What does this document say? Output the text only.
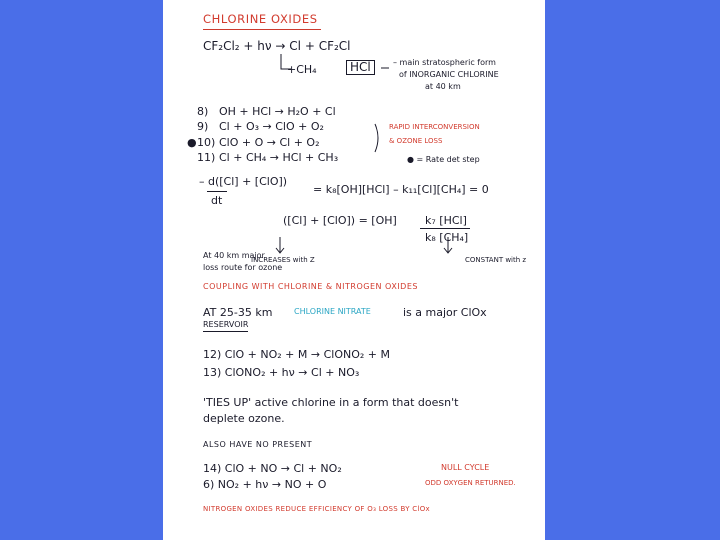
CHLORINE OXIDES
CF₂Cl₂ + hν → Cl + CF₂Cl
+CH₄	HCl	– main stratospheric form
of INORGANIC CHLORINE
at 40 km
8) OH + HCl → H₂O + Cl
9) Cl + O₃ → ClO + O₂
● 10) ClO + O → Cl + O₂
11) Cl + CH₄ → HCl + CH₃
RAPID INTERCONVERSION
& OZONE LOSS
● = Rate det step
– d([Cl] + [ClO])
dt
= k₈[OH][HCl] – k₁₁[Cl][CH₄] = 0
([Cl] + [ClO]) = [OH]	k₇ [HCl]
k₈ [CH₄]
INCREASES with Z	CONSTANT with z
At 40 km major
loss route for ozone
COUPLING WITH CHLORINE & NITROGEN OXIDES
AT 25-35 km	CHLORINE NITRATE	is a major ClOx
RESERVOIR
12) ClO + NO₂ + M → ClONO₂ + M
13) ClONO₂ + hν → Cl + NO₃
'TIES UP' active chlorine in a form that doesn't
deplete ozone.
ALSO HAVE NO PRESENT
14) ClO + NO → Cl + NO₂
6) NO₂ + hν → NO + O
NULL CYCLE
ODD OXYGEN RETURNED.
NITROGEN OXIDES REDUCE EFFICIENCY OF O₃ LOSS BY ClOx
